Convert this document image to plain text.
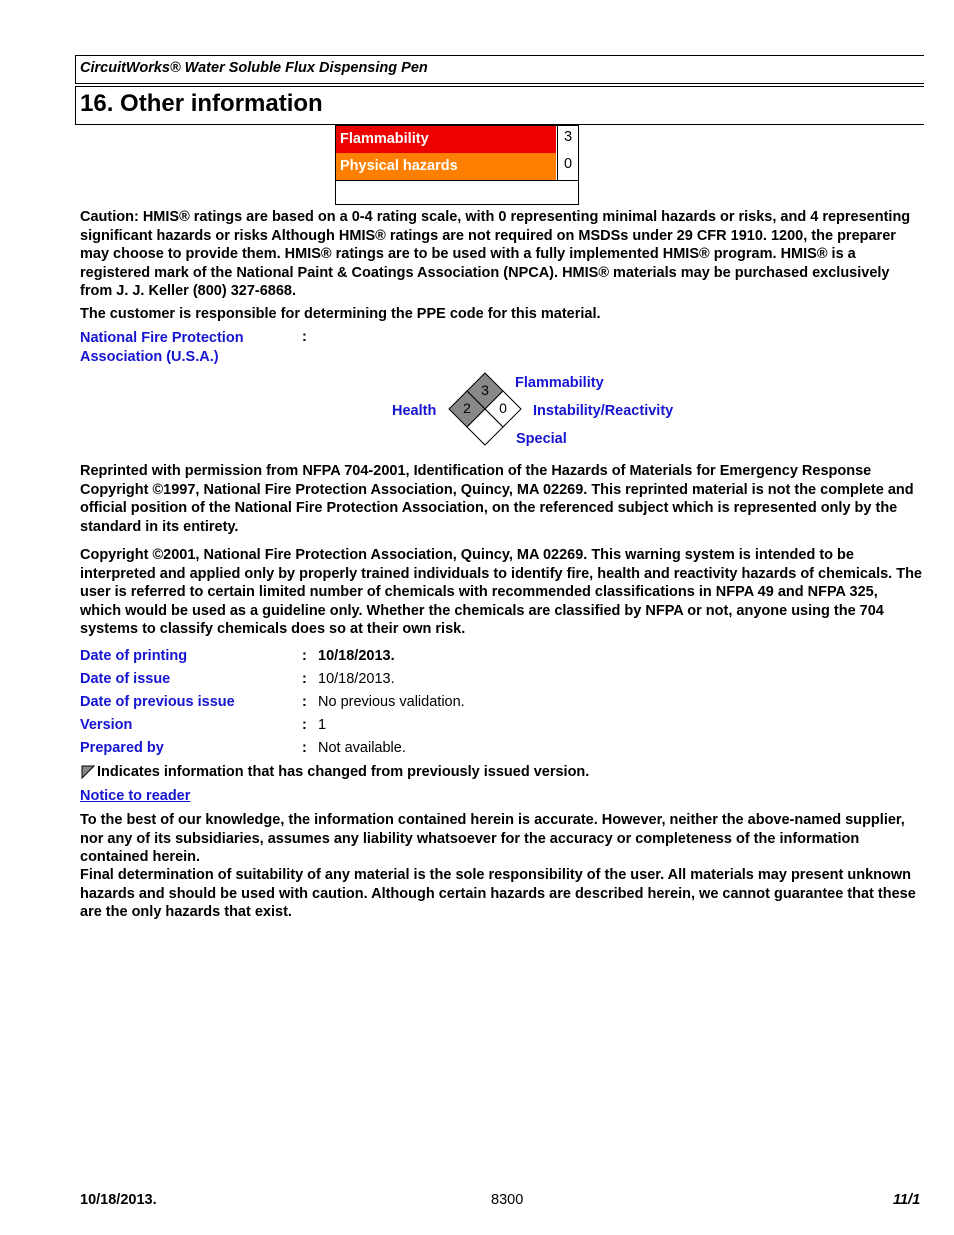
CircuitWorks® Water Soluble Flux Dispensing Pen
16. Other information
Flammability	3
Physical hazards	0
Caution: HMIS® ratings are based on a 0-4 rating scale, with 0 representing minimal hazards or risks, and 4 representing significant hazards or risks Although HMIS® ratings are not required on MSDSs under 29 CFR 1910. 1200, the preparer may choose to provide them. HMIS® ratings are to be used with a fully implemented HMIS® program. HMIS® is a registered mark of the National Paint & Coatings Association (NPCA). HMIS® materials may be purchased exclusively from J. J. Keller (800) 327-6868.
The customer is responsible for determining the PPE code for this material.
National Fire Protection
Association (U.S.A.)
:
3
2 0
Health
Flammability
Instability/Reactivity
Special
Reprinted with permission from NFPA 704-2001, Identification of the Hazards of Materials for Emergency Response Copyright ©1997, National Fire Protection Association, Quincy, MA 02269. This reprinted material is not the complete and official position of the National Fire Protection Association, on the referenced subject which is represented only by the standard in its entirety.
Copyright ©2001, National Fire Protection Association, Quincy, MA 02269. This warning system is intended to be interpreted and applied only by properly trained individuals to identify fire, health and reactivity hazards of chemicals. The user is referred to certain limited number of chemicals with recommended classifications in NFPA 49 and NFPA 325, which would be used as a guideline only. Whether the chemicals are classified by NFPA or not, anyone using the 704 systems to classify chemicals does so at their own risk.
Date of printing	: 10/18/2013.
Date of issue	: 10/18/2013.
Date of previous issue	: No previous validation.
Version	: 1
Prepared by	: Not available.
Indicates information that has changed from previously issued version.
Notice to reader
To the best of our knowledge, the information contained herein is accurate. However, neither the above-named supplier, nor any of its subsidiaries, assumes any liability whatsoever for the accuracy or completeness of the information contained herein.
Final determination of suitability of any material is the sole responsibility of the user. All materials may present unknown hazards and should be used with caution. Although certain hazards are described herein, we cannot guarantee that these are the only hazards that exist.
10/18/2013.	8300	11/1
